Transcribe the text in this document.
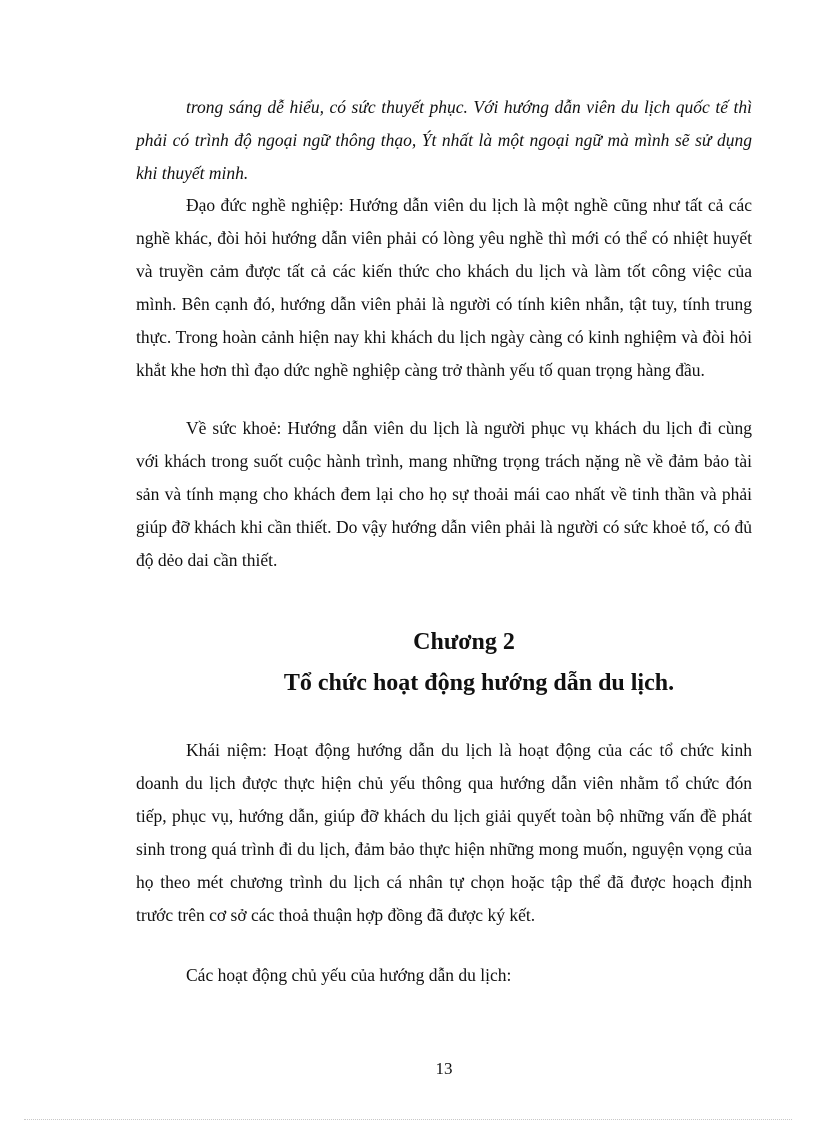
trong sáng dễ hiểu, có sức thuyết phục. Với hướng dẫn viên du lịch quốc tế thì phải có trình độ ngoại ngữ thông thạo, Ýt nhất là một ngoại ngữ mà mình sẽ sử dụng khi thuyết minh.

Đạo đức nghề nghiệp: Hướng dẫn viên du lịch là một nghề cũng như tất cả các nghề khác, đòi hỏi hướng dẫn viên phải có lòng yêu nghề thì mới có thể có nhiệt huyết và truyền cảm được tất cả các kiến thức cho khách du lịch và làm tốt công việc của mình. Bên cạnh đó, hướng dẫn viên phải là người có tính kiên nhẫn, tật tuy, tính trung thực. Trong hoàn cảnh hiện nay khi khách du lịch ngày càng có kinh nghiệm và đòi hỏi khắt khe hơn thì đạo dức nghề nghiệp càng trở thành yếu tố quan trọng hàng đầu.

Về sức khoẻ: Hướng dẫn viên du lịch là người phục vụ khách du lịch đi cùng với khách trong suốt cuộc hành trình, mang những trọng trách nặng nề về đảm bảo tài sản và tính mạng cho khách đem lại cho họ sự thoải mái cao nhất về tinh thần và phải giúp đỡ khách khi cần thiết. Do vậy hướng dẫn viên phải là người có sức khoẻ tố, có đủ độ dẻo dai cần thiết.

Chương 2
Tổ chức hoạt động hướng dẫn du lịch.

Khái niệm: Hoạt động hướng dẫn du lịch là hoạt động của các tổ chức kinh doanh du lịch được thực hiện chủ yếu thông qua hướng dẫn viên nhằm tổ chức đón tiếp, phục vụ, hướng dẫn, giúp đỡ khách du lịch giải quyết toàn bộ những vấn đề phát sinh trong quá trình đi du lịch, đảm bảo thực hiện những mong muốn, nguyện vọng của họ theo mét chương trình du lịch cá nhân tự chọn hoặc tập thể đã được hoạch định trước trên cơ sở các thoả thuận hợp đồng đã được ký kết.

Các hoạt động chủ yếu của hướng dẫn du lịch:

13
